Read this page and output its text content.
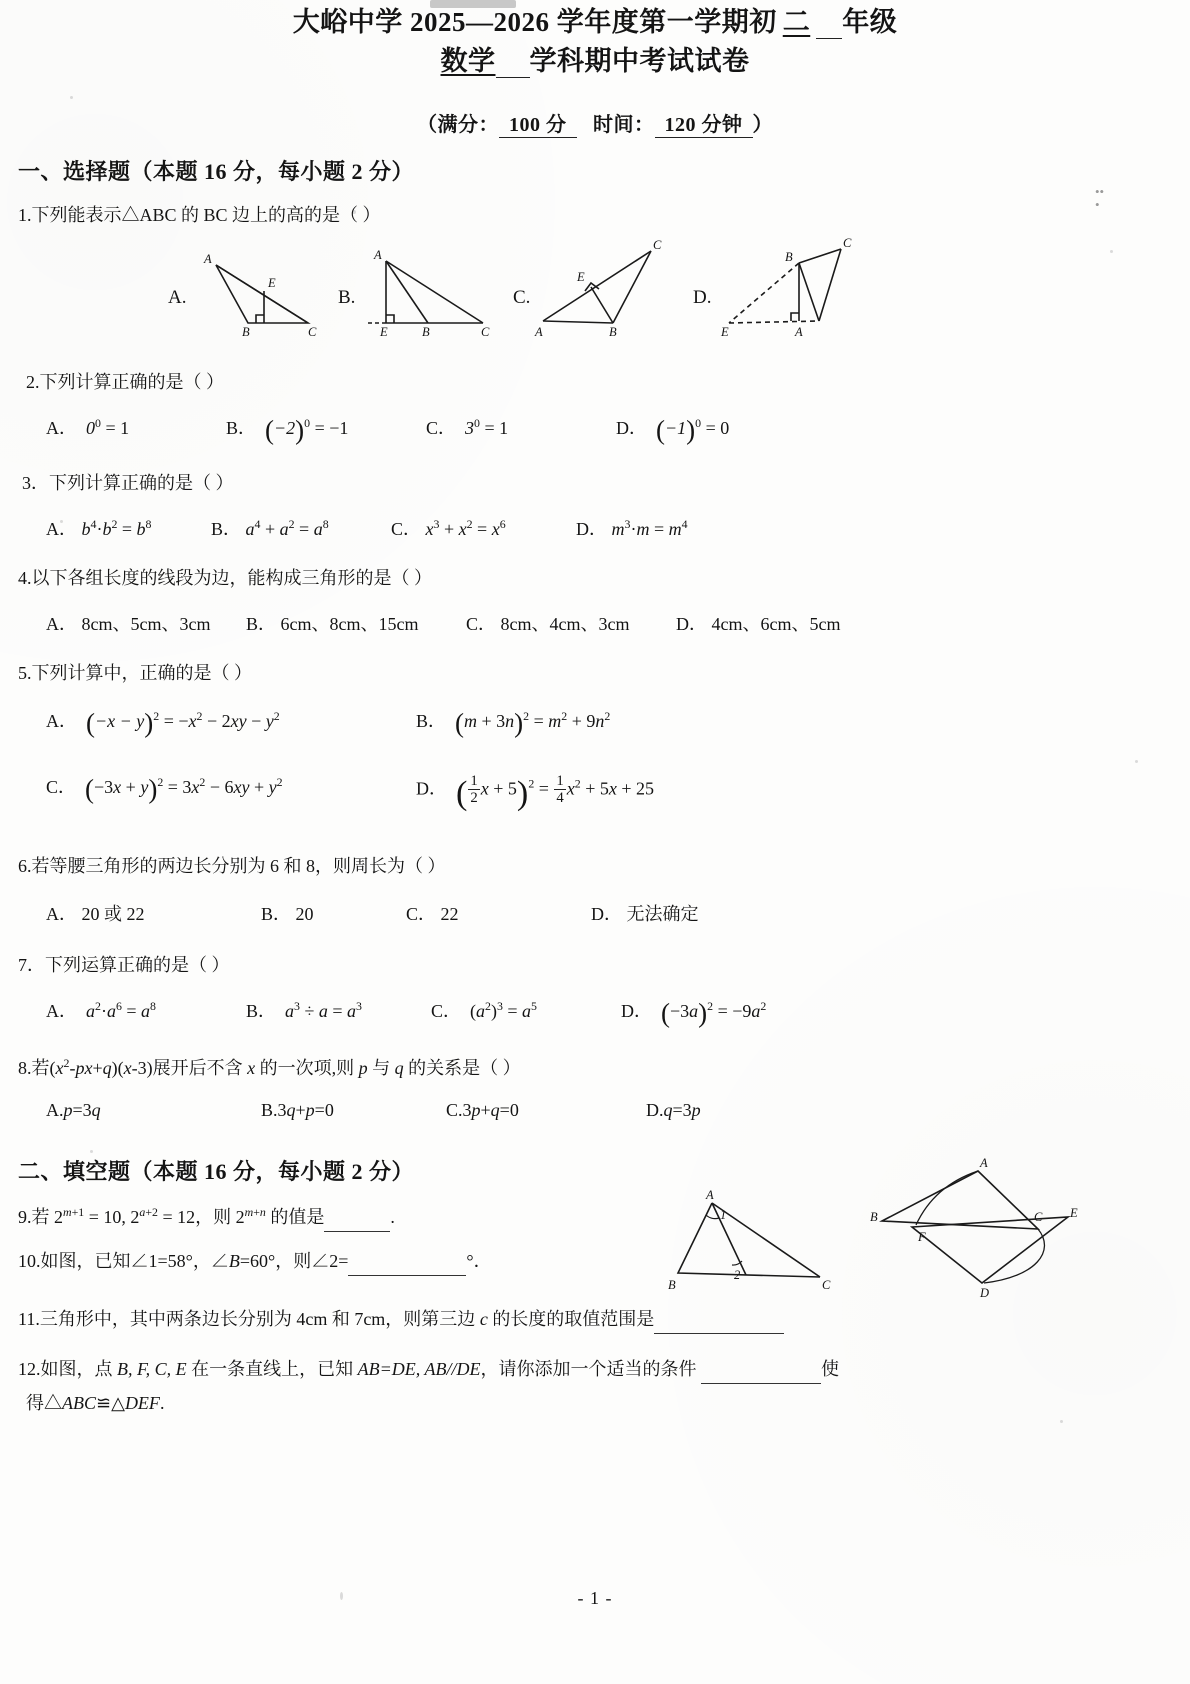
••
•
大峪中学 2025—2026 学年度第一学期初 二 年级
数学 学科期中考试试卷
（满分： 100 分 时间： 120 分钟 ）
一、选择题（本题 16 分，每小题 2 分）
1.下列能表示△ABC 的 BC 边上的高的是（ ）
A.
A
E
B	C
B.
A
E	B	C
C.
C
E
A	B
D.
C
B
E	A
2.下列计算正确的是（ ）
A． $0^0 = 1$	B． $(-2)^0 = -1$	C． $3^0 = 1$	D． $(-1)^0 = 0$
3．下列计算正确的是（ ）
A． $b^4\cdot b^2 = b^8$	B． $a^4 + a^2 = a^8$	C． $x^3 + x^2 = x^6$	D． $m^3\cdot m = m^4$
4.以下各组长度的线段为边，能构成三角形的是（ ）
A． 8cm、5cm、3cm	B． 6cm、8cm、15cm	C． 8cm、4cm、3cm	D． 4cm、6cm、5cm
5.下列计算中，正确的是（ ）
A． $(-x - y)^2 = -x^2 - 2xy - y^2$	B． $(m + 3n)^2 = m^2 + 9n^2$
C． $(-3x + y)^2 = 3x^2 - 6xy + y^2$	D． ( $\frac{1}{2}$ $x + 5)^2 = \frac{1}{4} x^2 + 5x + 25$
6.若等腰三角形的两边长分别为 6 和 8，则周长为（ ）
A． 20 或 22	B． 20	C． 22	D． 无法确定
7．下列运算正确的是（ ）
A． $a^2\cdot a^6 = a^8$	B． $a^3 \div a = a^3$	C．  $(a^2)^3 = a^5$	D． $(-3a)^2 = -9a^2$
8.若$(x^2-px+q)(x-3)$展开后不含 x 的一次项,则 p 与 q 的关系是（ ）
A.p=3q	B.3q+p=0	C.3p+q=0	D.q=3p
二、填空题（本题 16 分，每小题 2 分）
9.若 $2^{m+1} = 10$, $2^{a+2} = 12$，则 $2^{m+n}$ 的值是	.
10.如图，已知∠1=58°，∠B=60°，则∠2=	°．
11.三角形中，其中两条边长分别为 4cm 和 7cm，则第三边 c 的长度的取值范围是
12.如图，点 B, F, C, E 在一条直线上，已知 AB=DE, AB//DE，请你添加一个适当的条件	使
得△ABC≌△DEF.
A
1
2
B	C
A
B
F
C E
D
- 1 -
